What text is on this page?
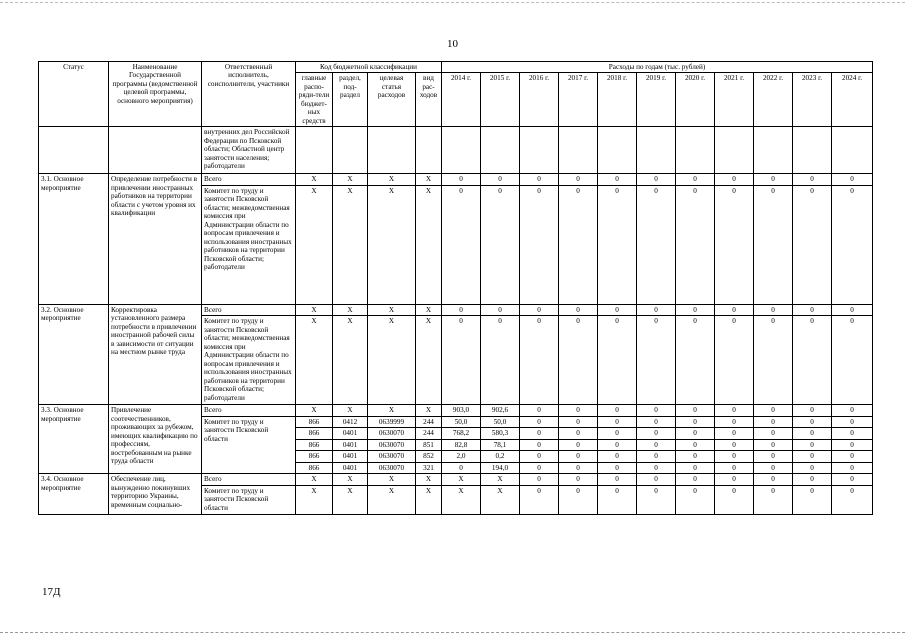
10
Статус	Наименование Государственной программы (ведомственной целевой программы, основного мероприятия)	Ответственный исполнитель, соисполнители, участники	Код бюджетной классификации				Расходы по годам (тыс. рублей)										
			главные распо-ряди-тели бюджет-ных средств	раздел, под-раздел	целевая статья расходов	вид рас-ходов	2014 г.	2015 г.	2016 г.	2017 г.	2018 г.	2019 г.	2020 г.	2021 г.	2022 г.	2023 г.	2024 г.
		внутренних дел Российской Федерации по Псковской области; Областной центр занятости населения; работодатели															
3.1. Основное мероприятие	Определение потребности в привлечении иностранных работников на территории области с учетом уровня их квалификации	Всего	X	X	X	X	0	0	0	0	0	0	0	0	0	0	0
		Комитет по труду и занятости Псковской области; межведомственная комиссия при Администрации области по вопросам привлечения и использования иностранных работников на территории Псковской области; работодатели	X	X	X	X	0	0	0	0	0	0	0	0	0	0	0
3.2. Основное мероприятие	Корректировка установленного размера потребности в привлечении иностранной рабочей силы в зависимости от ситуации на местном рынке труда	Всего	X	X	X	X	0	0	0	0	0	0	0	0	0	0	0
		Комитет по труду и занятости Псковской области; межведомственная комиссия при Администрации области по вопросам привлечения и использования иностранных работников на территории Псковской области; работодатели	X	X	X	X	0	0	0	0	0	0	0	0	0	0	0
3.3. Основное мероприятие	Привлечение соотечественников, проживающих за рубежом, имеющих квалификацию по профессиям, востребованным на рынке труда области	Всего	X	X	X	X	903,0	902,6	0	0	0	0	0	0	0	0	0
		Комитет по труду и занятости Псковской области	866	0412	0639999	244	50,0	50,0	0	0	0	0	0	0	0	0	0
			866	0401	0630070	244	768,2	580,3	0	0	0	0	0	0	0	0	0
			866	0401	0630070	851	82,8	78,1	0	0	0	0	0	0	0	0	0
			866	0401	0630070	852	2,0	0,2	0	0	0	0	0	0	0	0	0
			866	0401	0630070	321	0	194,0	0	0	0	0	0	0	0	0	0
3.4. Основное мероприятие	Обеспечение лиц, вынужденно покинувших территорию Украины, временным социально-	Всего	X	X	X	X	X	X	0	0	0	0	0	0	0	0	0
		Комитет по труду и занятости Псковской области	X	X	X	X	X	X	0	0	0	0	0	0	0	0	0
17Д
